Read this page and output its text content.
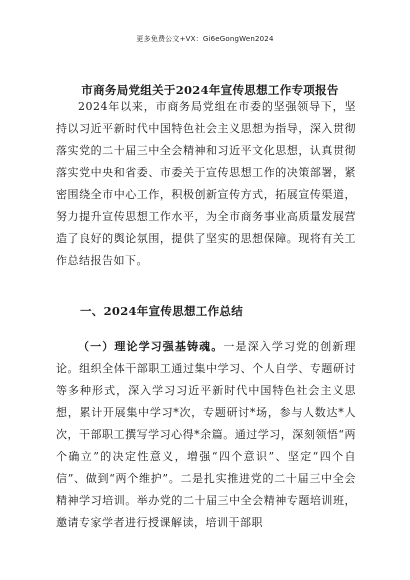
更多免费公文+VX：Gi6eGongWen2024
市商务局党组关于2024年宣传思想工作专项报告

2024年以来，市商务局党组在市委的坚强领导下，坚持以习近平新时代中国特色社会主义思想为指导，深入贯彻落实党的二十届三中全会精神和习近平文化思想，认真贯彻落实党中央和省委、市委关于宣传思想工作的决策部署，紧密围绕全市中心工作，积极创新宣传方式，拓展宣传渠道，努力提升宣传思想工作水平，为全市商务事业高质量发展营造了良好的舆论氛围，提供了坚实的思想保障。现将有关工作总结报告如下。

一、2024年宣传思想工作总结

（一）理论学习强基铸魂。一是深入学习党的创新理论。组织全体干部职工通过集中学习、个人自学、专题研讨等多种形式，深入学习习近平新时代中国特色社会主义思想，累计开展集中学习*次，专题研讨*场，参与人数达*人次，干部职工撰写学习心得*余篇。通过学习，深刻领悟“两个确立”的决定性意义，增强“四个意识”、坚定“四个自信”、做到“两个维护”。二是扎实推进党的二十届三中全会精神学习培训。举办党的二十届三中全会精神专题培训班，邀请专家学者进行授课解读，培训干部职
